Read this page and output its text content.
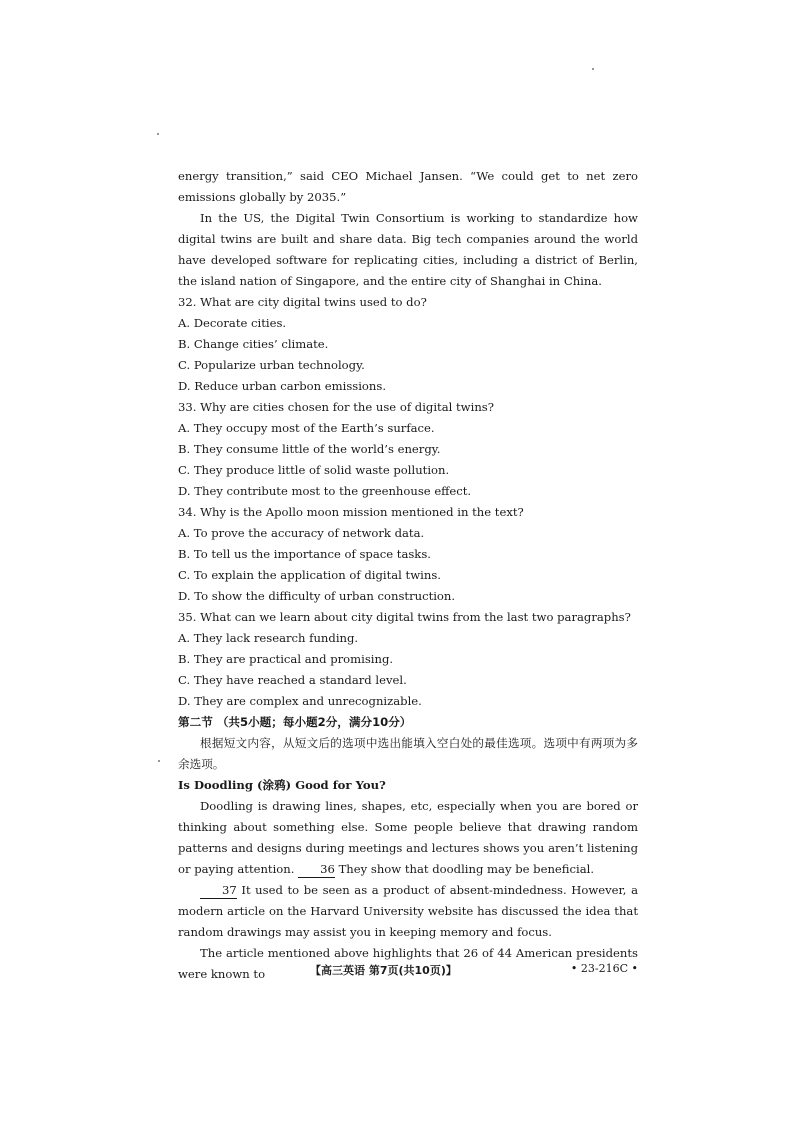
energy transition,” said CEO Michael Jansen. “We could get to net zero emissions globally by 2035.”

In the US, the Digital Twin Consortium is working to standardize how digital twins are built and share data. Big tech companies around the world have developed software for replicating cities, including a district of Berlin, the island nation of Singapore, and the entire city of Shanghai in China.

32. What are city digital twins used to do?

A. Decorate cities.

B. Change cities’ climate.

C. Popularize urban technology.

D. Reduce urban carbon emissions.

33. Why are cities chosen for the use of digital twins?

A. They occupy most of the Earth’s surface.

B. They consume little of the world’s energy.

C. They produce little of solid waste pollution.

D. They contribute most to the greenhouse effect.

34. Why is the Apollo moon mission mentioned in the text?

A. To prove the accuracy of network data.

B. To tell us the importance of space tasks.

C. To explain the application of digital twins.

D. To show the difficulty of urban construction.

35. What can we learn about city digital twins from the last two paragraphs?

A. They lack research funding.

B. They are practical and promising.

C. They have reached a standard level.

D. They are complex and unrecognizable.

第二节 （共5小题；每小题2分，满分10分）

根据短文内容，从短文后的选项中选出能填入空白处的最佳选项。选项中有两项为多余选项。

Is Doodling (涂鸦) Good for You?

Doodling is drawing lines, shapes, etc, especially when you are bored or thinking about something else. Some people believe that drawing random patterns and designs during meetings and lectures shows you aren’t listening or paying attention. 36 They show that doodling may be beneficial.

37 It used to be seen as a product of absent-mindedness. However, a modern article on the Harvard University website has discussed the idea that random drawings may assist you in keeping memory and focus.

The article mentioned above highlights that 26 of 44 American presidents were known to	【高三英语 第7页(共10页)】	• 23-216C •
